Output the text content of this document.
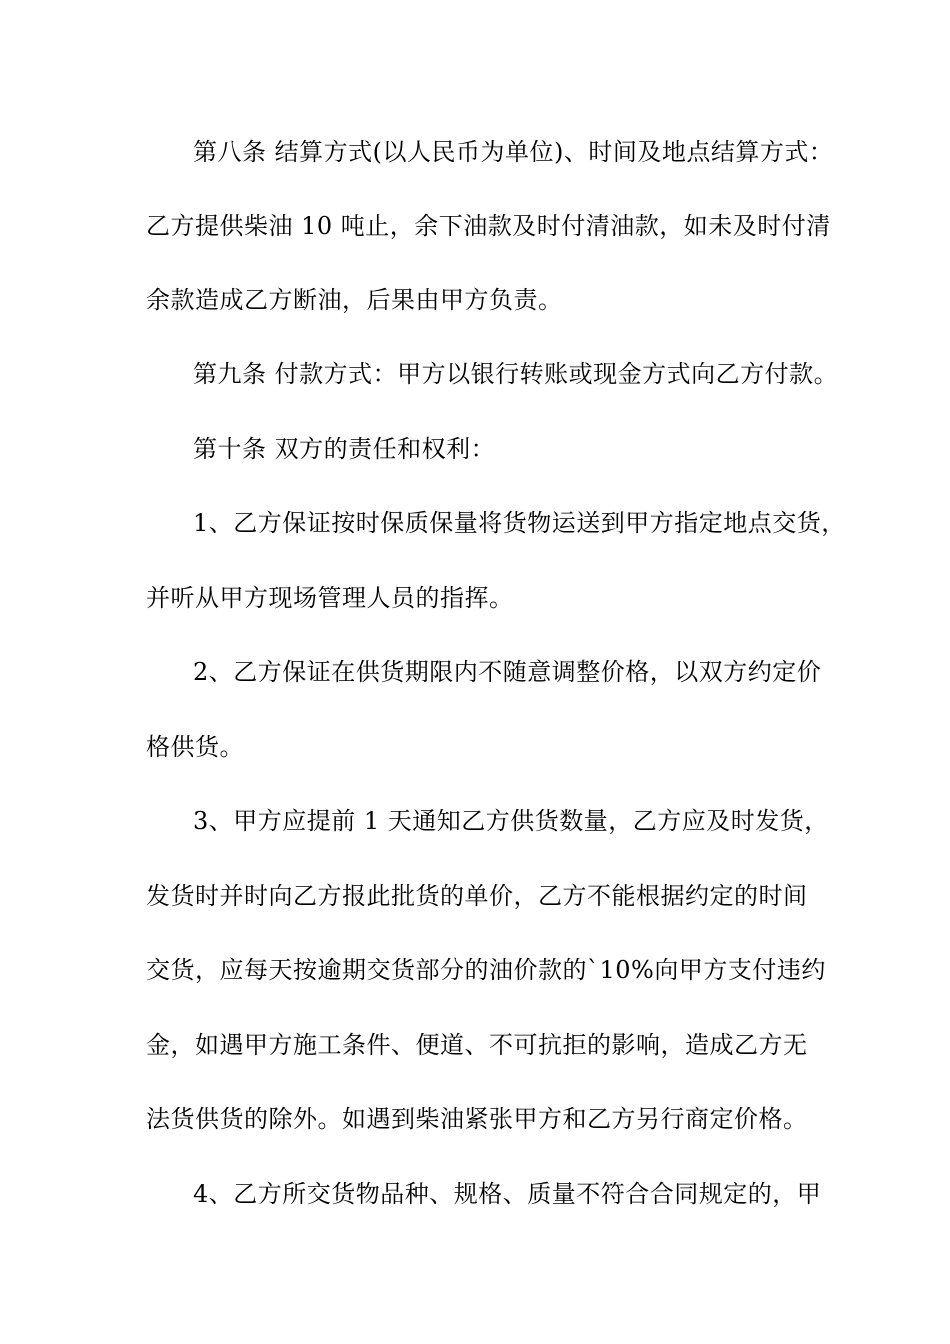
第八条 结算方式(以人民币为单位)、时间及地点结算方式：
乙方提供柴油 10 吨止，余下油款及时付清油款，如未及时付清
余款造成乙方断油，后果由甲方负责。
第九条 付款方式：甲方以银行转账或现金方式向乙方付款。
第十条 双方的责任和权利：
1、乙方保证按时保质保量将货物运送到甲方指定地点交货，
并听从甲方现场管理人员的指挥。
2、乙方保证在供货期限内不随意调整价格，以双方约定价
格供货。
3、甲方应提前 1 天通知乙方供货数量，乙方应及时发货，
发货时并时向乙方报此批货的单价，乙方不能根据约定的时间
交货，应每天按逾期交货部分的油价款的`10%向甲方支付违约
金，如遇甲方施工条件、便道、不可抗拒的影响，造成乙方无
法货供货的除外。如遇到柴油紧张甲方和乙方另行商定价格。
4、乙方所交货物品种、规格、质量不符合合同规定的，甲
